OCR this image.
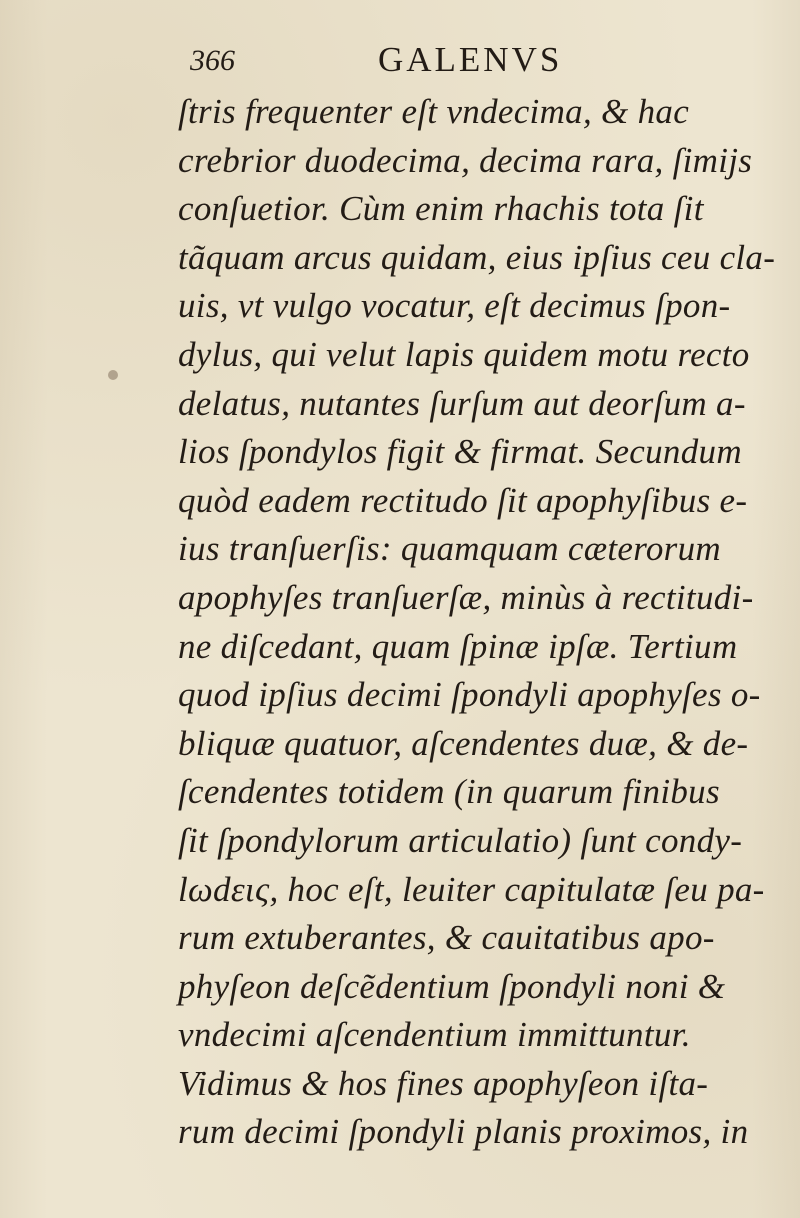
366	GALENVS
ſtris frequenter eſt vndecima, & hac
crebrior duodecima, decima rara, ſimijs
conſuetior. Cùm enim rhachis tota ſit
tãquam arcus quidam, eius ipſius ceu cla-
uis, vt vulgo vocatur, eſt decimus ſpon-
dylus, qui velut lapis quidem motu recto
delatus, nutantes ſurſum aut deorſum a-
lios ſpondylos figit & firmat. Secundum
quòd eadem rectitudo ſit apophyſibus e-
ius tranſuerſis: quamquam cæterorum
apophyſes tranſuerſæ, minùs à rectitudi-
ne diſcedant, quam ſpinæ ipſæ. Tertium
quod ipſius decimi ſpondyli apophyſes o-
bliquæ quatuor, aſcendentes duæ, & de-
ſcendentes totidem (in quarum finibus
ſit ſpondylorum articulatio) ſunt condy-
lωdεις, hoc eſt, leuiter capitulatæ ſeu pa-
rum extuberantes, & cauitatibus apo-
phyſeon deſcẽdentium ſpondyli noni &
vndecimi aſcendentium immittuntur.
Vidimus & hos fines apophyſeon iſta-
rum decimi ſpondyli planis proximos, in
